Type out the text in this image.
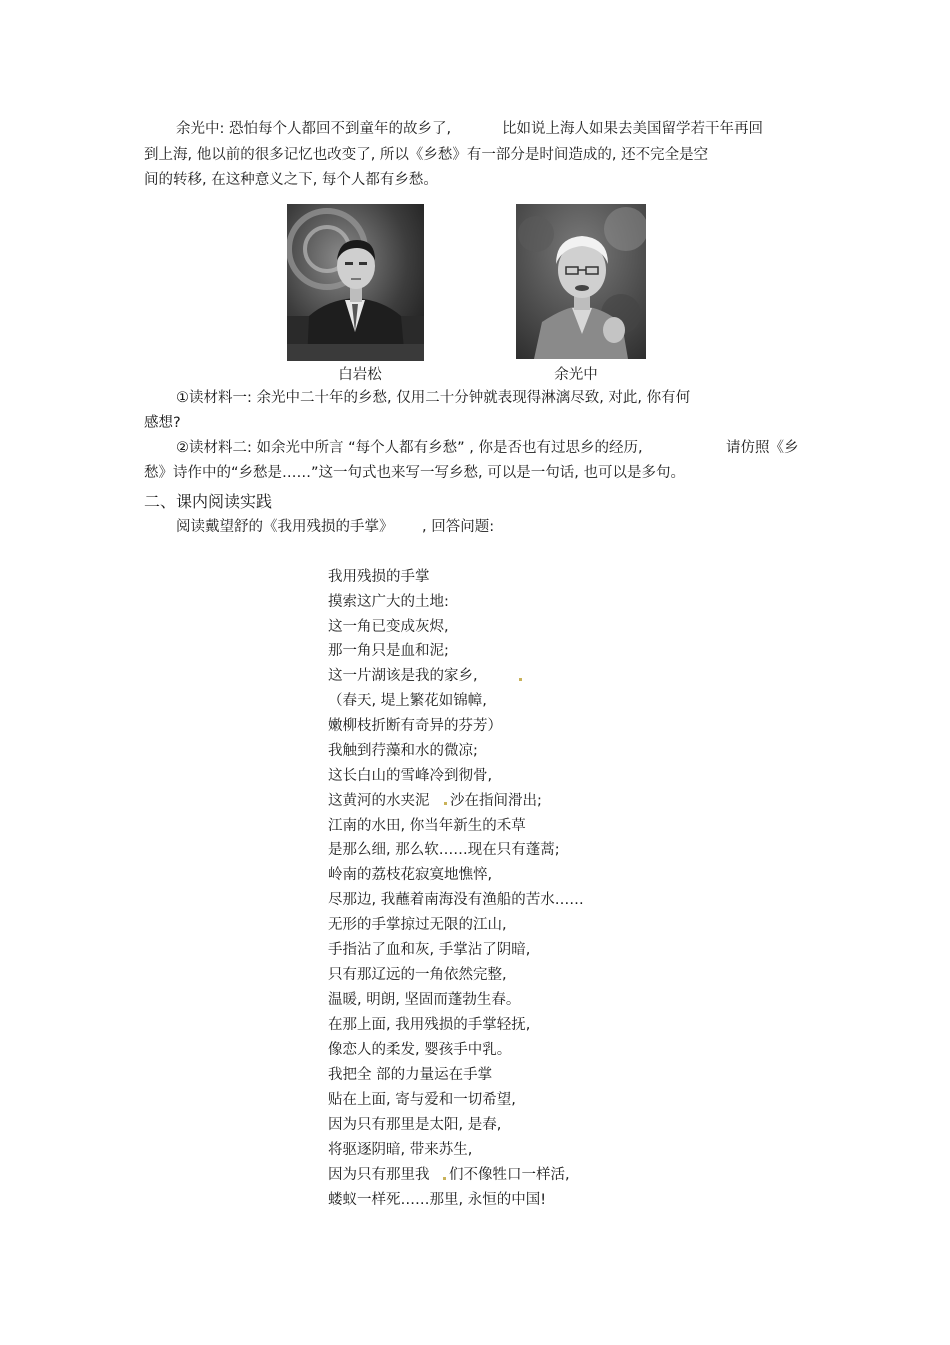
余光中: 恐怕每个人都回不到童年的故乡了,	比如说上海人如果去美国留学若干年再回
到上海, 他以前的很多记忆也改变了, 所以《乡愁》有一部分是时间造成的, 还不完全是空
间的转移, 在这种意义之下, 每个人都有乡愁。
白岩松	余光中
①读材料一: 余光中二十年的乡愁, 仅用二十分钟就表现得淋漓尽致, 对此, 你有何
感想?
②读材料二: 如余光中所言 “每个人都有乡愁” , 你是否也有过思乡的经历,	请仿照《乡
愁》诗作中的“乡愁是……”这一句式也来写一写乡愁, 可以是一句话, 也可以是多句。
二、课内阅读实践
阅读戴望舒的《我用残损的手掌》 , 回答问题:
我用残损的手掌
摸索这广大的土地:
这一角已变成灰烬,
那一角只是血和泥;
这一片湖该是我的家乡,
（春天, 堤上繁花如锦幛,
嫩柳枝折断有奇异的芬芳）
我触到荇藻和水的微凉;
这长白山的雪峰冷到彻骨,
这黄河的水夹泥 沙在指间滑出;
江南的水田, 你当年新生的禾草
是那么细, 那么软……现在只有蓬蒿;
岭南的荔枝花寂寞地憔悴,
尽那边, 我蘸着南海没有渔船的苦水……
无形的手掌掠过无限的江山,
手指沾了血和灰, 手掌沾了阴暗,
只有那辽远的一角依然完整,
温暖, 明朗, 坚固而蓬勃生春。
在那上面, 我用残损的手掌轻抚,
像恋人的柔发, 婴孩手中乳。
我把全 部的力量运在手掌
贴在上面, 寄与爱和一切希望,
因为只有那里是太阳, 是春,
将驱逐阴暗, 带来苏生,
因为只有那里我 们不像牲口一样活,
蝼蚁一样死……那里, 永恒的中国!
